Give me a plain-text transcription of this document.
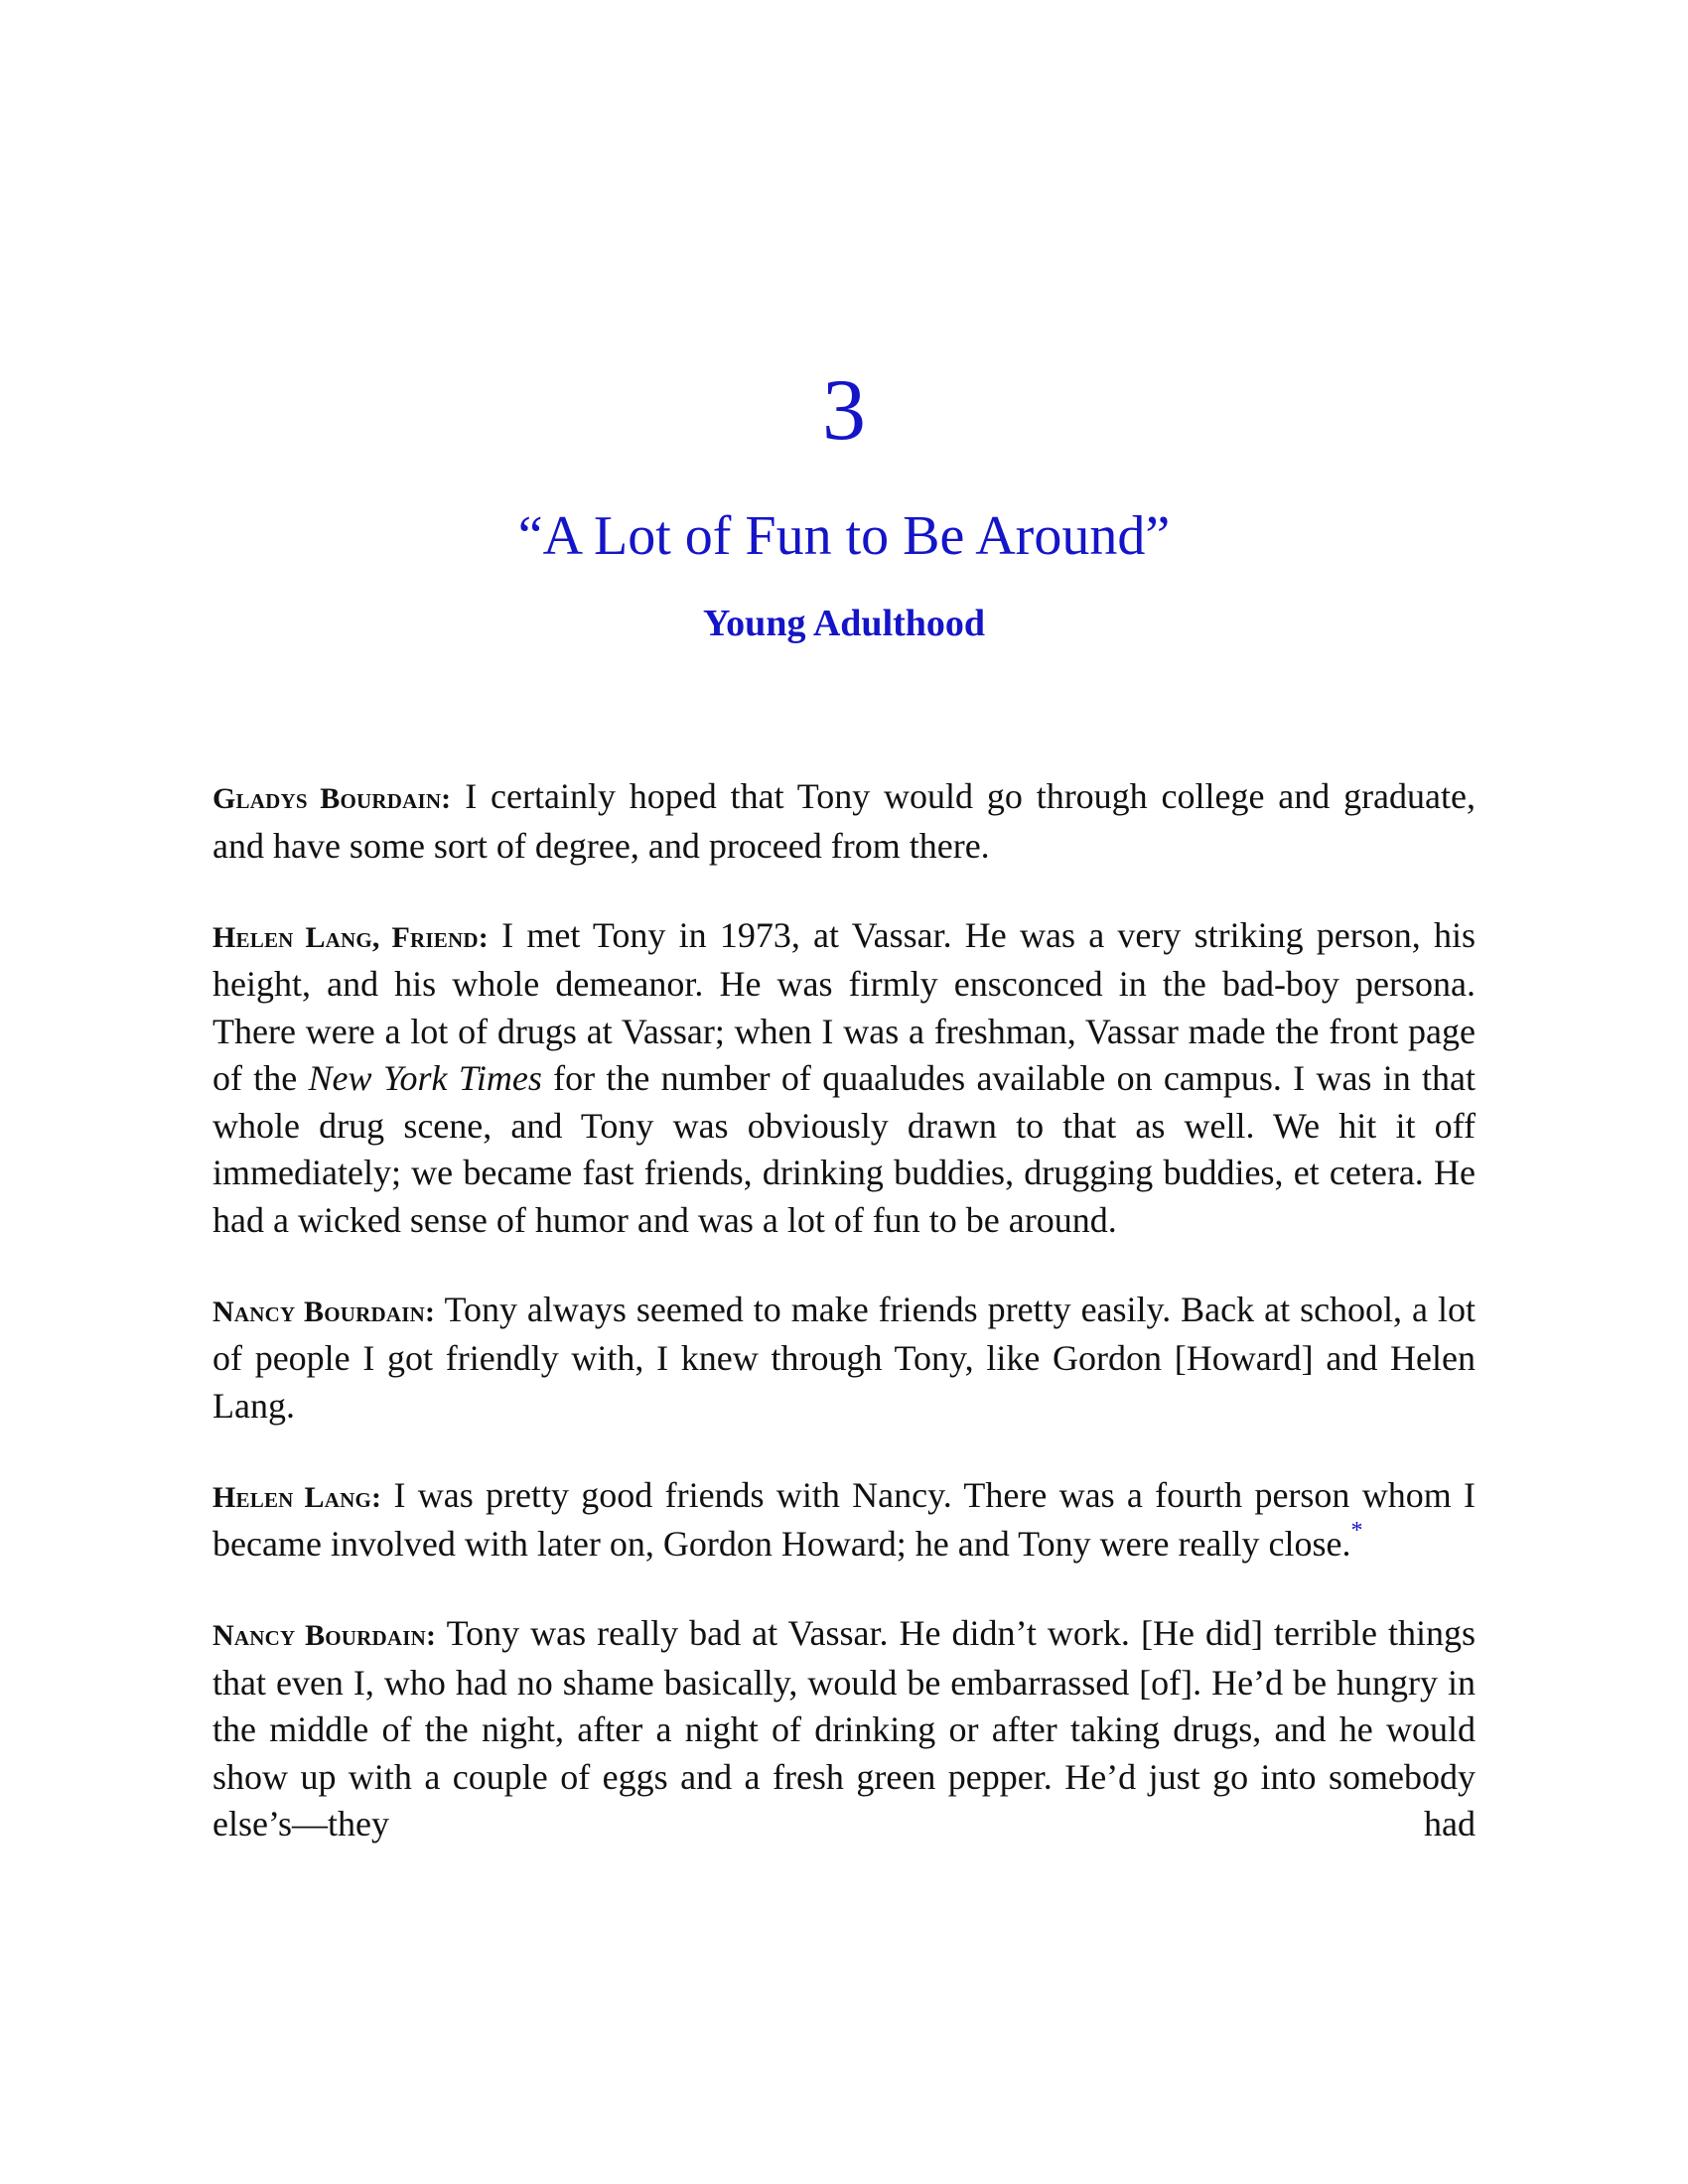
3
“A Lot of Fun to Be Around”
Young Adulthood

Gladys Bourdain: I certainly hoped that Tony would go through college and graduate, and have some sort of degree, and proceed from there.

Helen Lang, Friend: I met Tony in 1973, at Vassar. He was a very striking person, his height, and his whole demeanor. He was firmly ensconced in the bad-boy persona. There were a lot of drugs at Vassar; when I was a freshman, Vassar made the front page of the New York Times for the number of quaaludes available on campus. I was in that whole drug scene, and Tony was obviously drawn to that as well. We hit it off immediately; we became fast friends, drinking buddies, drugging buddies, et cetera. He had a wicked sense of humor and was a lot of fun to be around.

Nancy Bourdain: Tony always seemed to make friends pretty easily. Back at school, a lot of people I got friendly with, I knew through Tony, like Gordon [Howard] and Helen Lang.

Helen Lang: I was pretty good friends with Nancy. There was a fourth person whom I became involved with later on, Gordon Howard; he and Tony were really close.*

Nancy Bourdain: Tony was really bad at Vassar. He didn’t work. [He did] terrible things that even I, who had no shame basically, would be embarrassed [of]. He’d be hungry in the middle of the night, after a night of drinking or after taking drugs, and he would show up with a couple of eggs and a fresh green pepper. He’d just go into somebody else’s—they had
